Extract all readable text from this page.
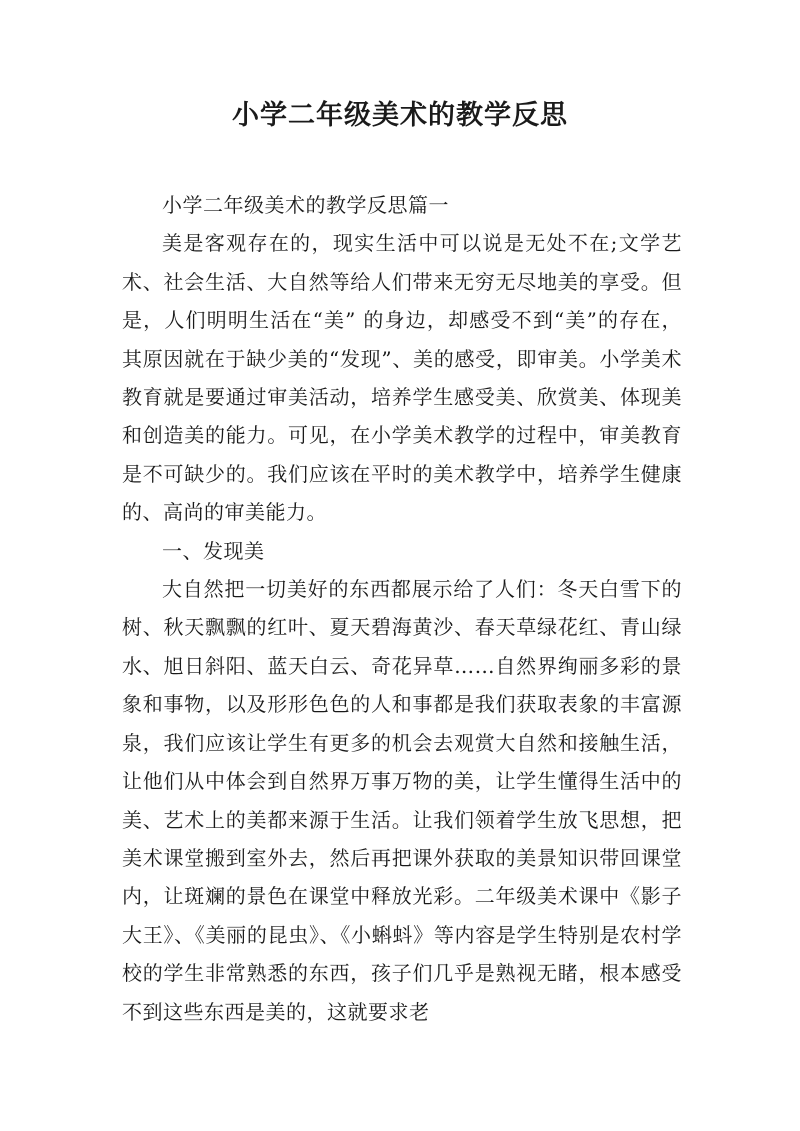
小学二年级美术的教学反思

小学二年级美术的教学反思篇一

美是客观存在的，现实生活中可以说是无处不在;文学艺术、社会生活、大自然等给人们带来无穷无尽地美的享受。但是，人们明明生活在“美” 的身边，却感受不到“美”的存在，其原因就在于缺少美的“发现”、美的感受，即审美。小学美术教育就是要通过审美活动，培养学生感受美、欣赏美、体现美和创造美的能力。可见，在小学美术教学的过程中，审美教育是不可缺少的。我们应该在平时的美术教学中，培养学生健康的、高尚的审美能力。

一、发现美

大自然把一切美好的东西都展示给了人们：冬天白雪下的树、秋天飘飘的红叶、夏天碧海黄沙、春天草绿花红、青山绿水、旭日斜阳、蓝天白云、奇花异草……自然界绚丽多彩的景象和事物，以及形形色色的人和事都是我们获取表象的丰富源泉，我们应该让学生有更多的机会去观赏大自然和接触生活，让他们从中体会到自然界万事万物的美，让学生懂得生活中的美、艺术上的美都来源于生活。让我们领着学生放飞思想，把美术课堂搬到室外去，然后再把课外获取的美景知识带回课堂内，让斑斓的景色在课堂中释放光彩。二年级美术课中《影子大王》、《美丽的昆虫》、《小蝌蚪》等内容是学生特别是农村学校的学生非常熟悉的东西，孩子们几乎是熟视无睹，根本感受不到这些东西是美的，这就要求老
